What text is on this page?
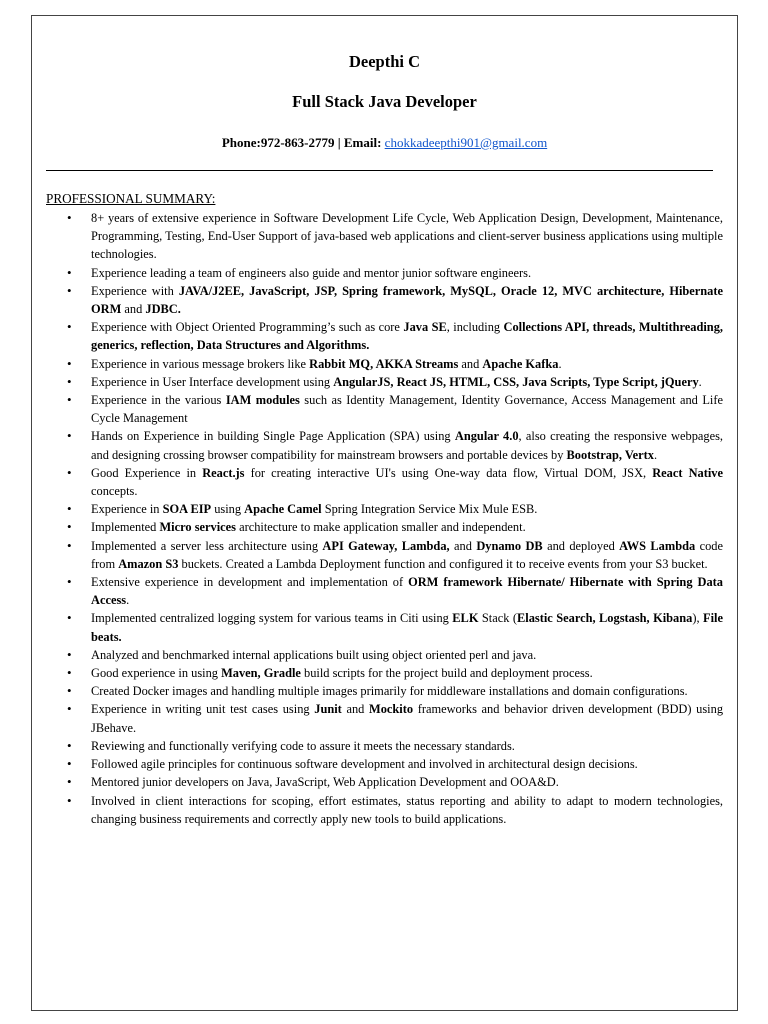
Deepthi C
Full Stack Java Developer
Phone:972-863-2779 | Email: chokkadeepthi901@gmail.com
PROFESSIONAL SUMMARY:
• 8+ years of extensive experience in Software Development Life Cycle, Web Application Design, Development, Maintenance, Programming, Testing, End-User Support of java-based web applications and client-server business applications using multiple technologies.
• Experience leading a team of engineers also guide and mentor junior software engineers.
• Experience with JAVA/J2EE, JavaScript, JSP, Spring framework, MySQL, Oracle 12, MVC architecture, Hibernate ORM and JDBC.
• Experience with Object Oriented Programming’s such as core Java SE, including Collections API, threads, Multithreading, generics, reflection, Data Structures and Algorithms.
• Experience in various message brokers like Rabbit MQ, AKKA Streams and Apache Kafka.
• Experience in User Interface development using AngularJS, React JS, HTML, CSS, Java Scripts, Type Script, jQuery.
• Experience in the various IAM modules such as Identity Management, Identity Governance, Access Management and Life Cycle Management
• Hands on Experience in building Single Page Application (SPA) using Angular 4.0, also creating the responsive webpages, and designing crossing browser compatibility for mainstream browsers and portable devices by Bootstrap, Vertx.
• Good Experience in React.js for creating interactive UI's using One-way data flow, Virtual DOM, JSX, React Native concepts.
• Experience in SOA EIP using Apache Camel Spring Integration Service Mix Mule ESB.
• Implemented Micro services architecture to make application smaller and independent.
• Implemented a server less architecture using API Gateway, Lambda, and Dynamo DB and deployed AWS Lambda code from Amazon S3 buckets. Created a Lambda Deployment function and configured it to receive events from your S3 bucket.
• Extensive experience in development and implementation of ORM framework Hibernate/ Hibernate with Spring Data Access.
• Implemented centralized logging system for various teams in Citi using ELK Stack (Elastic Search, Logstash, Kibana), File beats.
• Analyzed and benchmarked internal applications built using object oriented perl and java.
• Good experience in using Maven, Gradle build scripts for the project build and deployment process.
• Created Docker images and handling multiple images primarily for middleware installations and domain configurations.
• Experience in writing unit test cases using Junit and Mockito frameworks and behavior driven development (BDD) using JBehave.
• Reviewing and functionally verifying code to assure it meets the necessary standards.
• Followed agile principles for continuous software development and involved in architectural design decisions.
• Mentored junior developers on Java, JavaScript, Web Application Development and OOA&D.
• Involved in client interactions for scoping, effort estimates, status reporting and ability to adapt to modern technologies, changing business requirements and correctly apply new tools to build applications.
